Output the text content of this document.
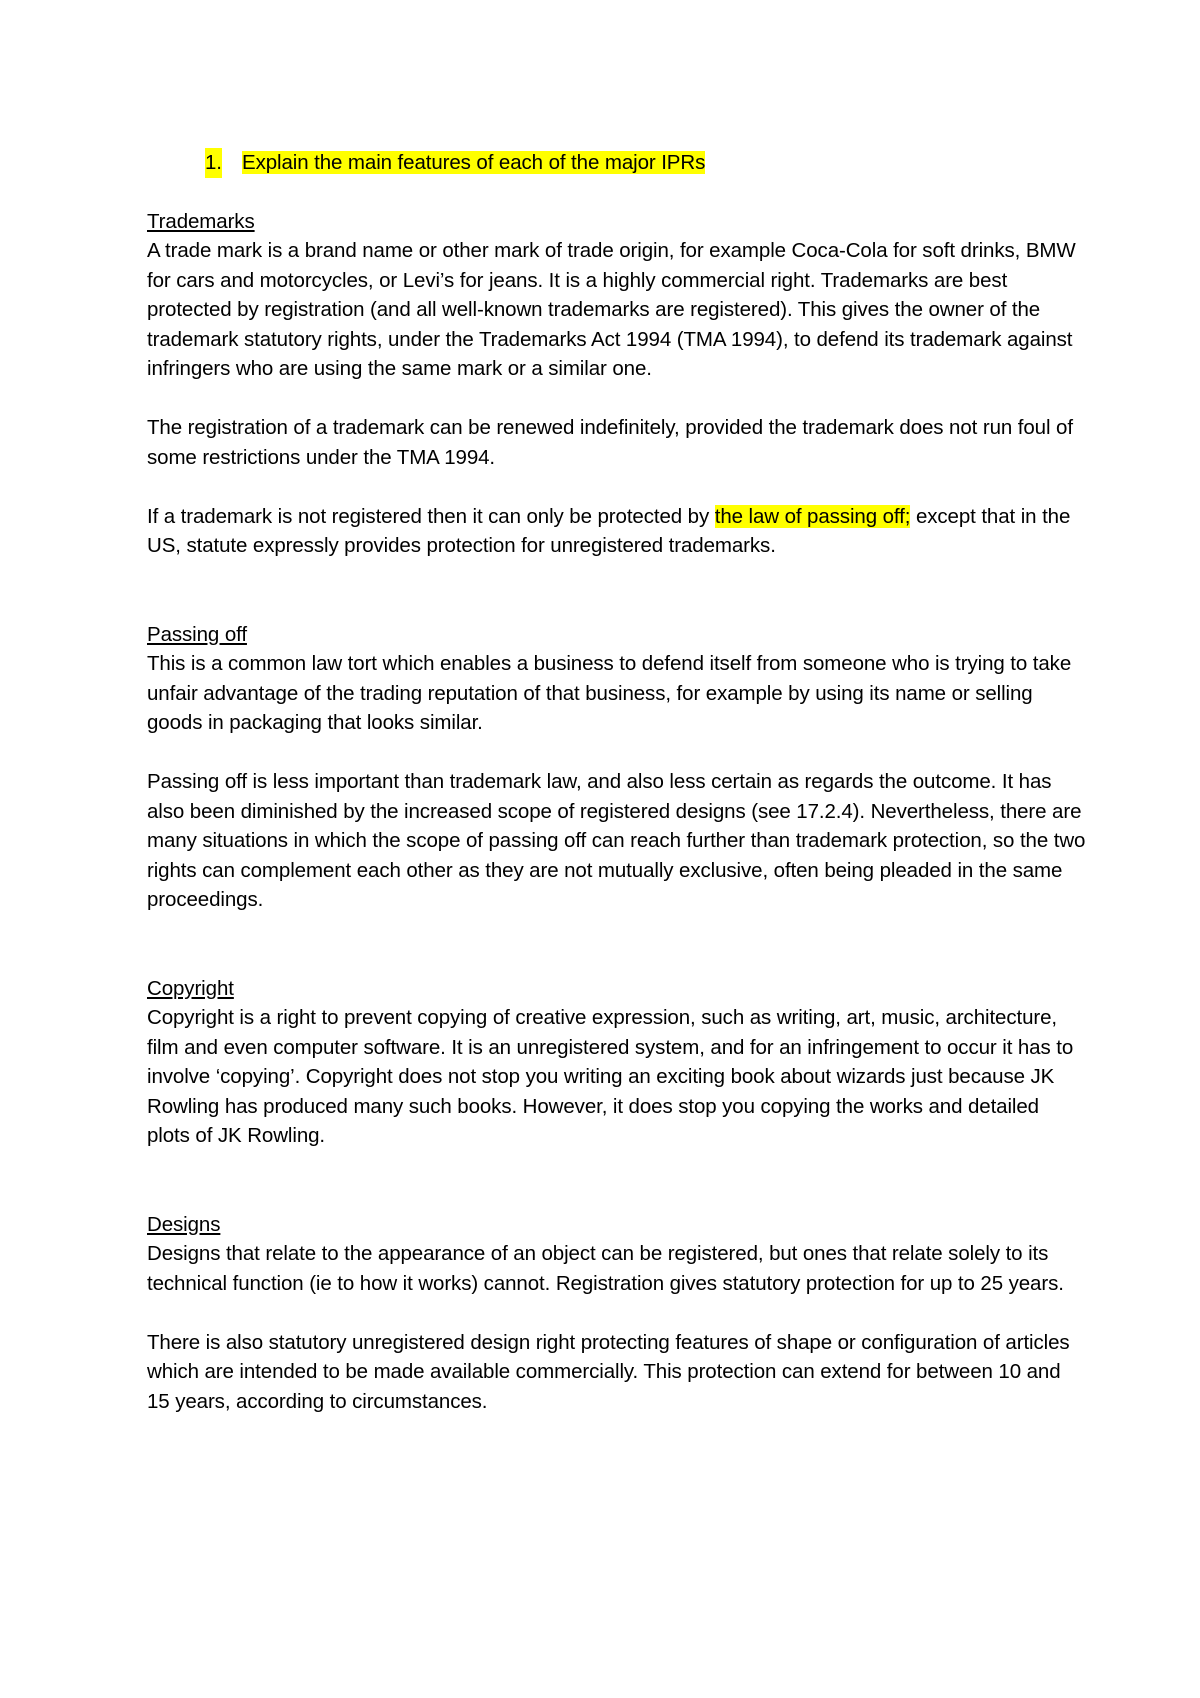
1. Explain the main features of each of the major IPRs
Trademarks

A trade mark is a brand name or other mark of trade origin, for example Coca-Cola for soft drinks, BMW for cars and motorcycles, or Levi’s for jeans. It is a highly commercial right. Trademarks are best protected by registration (and all well-known trademarks are registered). This gives the owner of the trademark statutory rights, under the Trademarks Act 1994 (TMA 1994), to defend its trademark against infringers who are using the same mark or a similar one.

The registration of a trademark can be renewed indefinitely, provided the trademark does not run foul of some restrictions under the TMA 1994.

If a trademark is not registered then it can only be protected by the law of passing off; except that in the US, statute expressly provides protection for unregistered trademarks.

Passing off

This is a common law tort which enables a business to defend itself from someone who is trying to take unfair advantage of the trading reputation of that business, for example by using its name or selling goods in packaging that looks similar.

Passing off is less important than trademark law, and also less certain as regards the outcome. It has also been diminished by the increased scope of registered designs (see 17.2.4). Nevertheless, there are many situations in which the scope of passing off can reach further than trademark protection, so the two rights can complement each other as they are not mutually exclusive, often being pleaded in the same proceedings.

Copyright

Copyright is a right to prevent copying of creative expression, such as writing, art, music, architecture, film and even computer software. It is an unregistered system, and for an infringement to occur it has to involve ‘copying’. Copyright does not stop you writing an exciting book about wizards just because JK Rowling has produced many such books. However, it does stop you copying the works and detailed plots of JK Rowling.

Designs

Designs that relate to the appearance of an object can be registered, but ones that relate solely to its technical function (ie to how it works) cannot. Registration gives statutory protection for up to 25 years.

There is also statutory unregistered design right protecting features of shape or configuration of articles which are intended to be made available commercially. This protection can extend for between 10 and 15 years, according to circumstances.
